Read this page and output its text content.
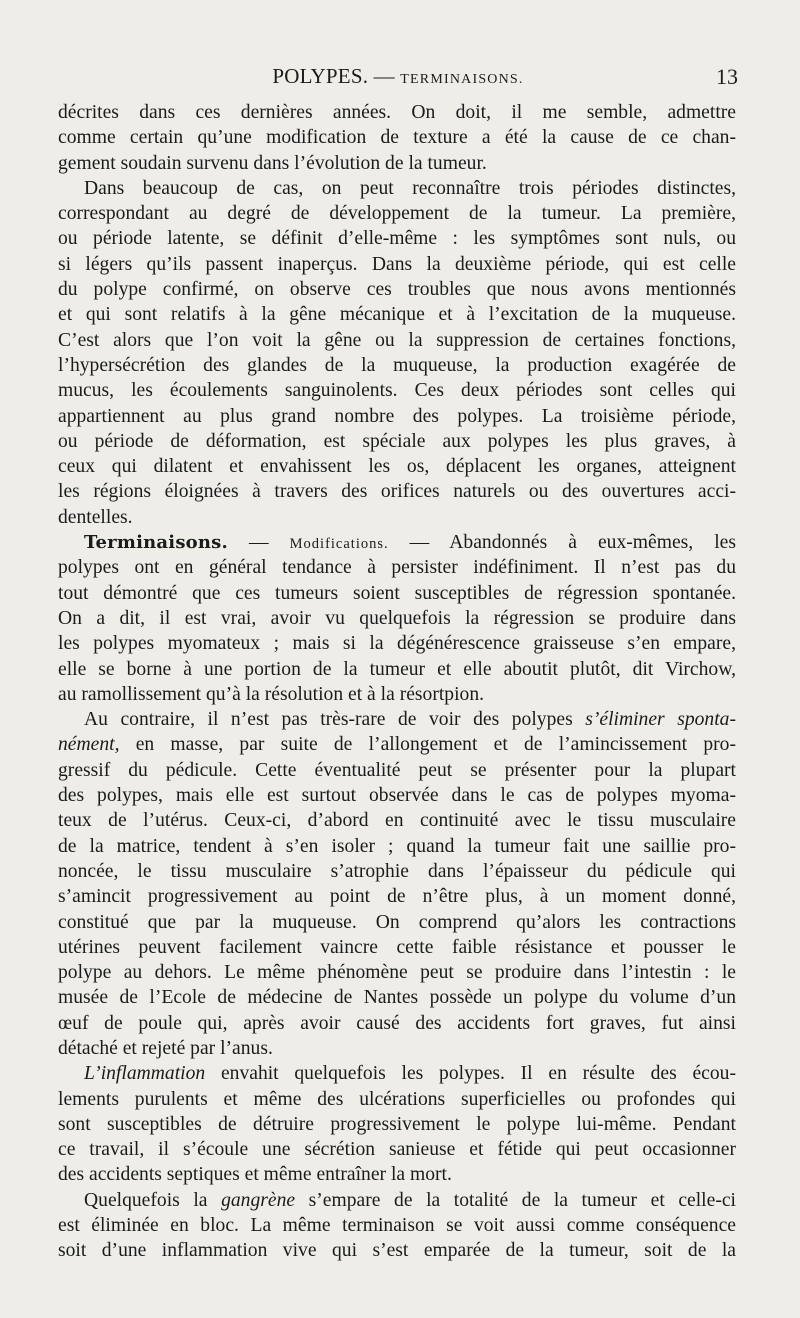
POLYPES. — TERMINAISONS.	13
décrites dans ces dernières années. On doit, il me semble, admettre
comme certain qu’une modification de texture a été la cause de ce chan-
gement soudain survenu dans l’évolution de la tumeur.
Dans beaucoup de cas, on peut reconnaître trois périodes distinctes,
correspondant au degré de développement de la tumeur. La première,
ou période latente, se définit d’elle-même : les symptômes sont nuls, ou
si légers qu’ils passent inaperçus. Dans la deuxième période, qui est celle
du polype confirmé, on observe ces troubles que nous avons mentionnés
et qui sont relatifs à la gêne mécanique et à l’excitation de la muqueuse.
C’est alors que l’on voit la gêne ou la suppression de certaines fonctions,
l’hypersécrétion des glandes de la muqueuse, la production exagérée de
mucus, les écoulements sanguinolents. Ces deux périodes sont celles qui
appartiennent au plus grand nombre des polypes. La troisième période,
ou période de déformation, est spéciale aux polypes les plus graves, à
ceux qui dilatent et envahissent les os, déplacent les organes, atteignent
les régions éloignées à travers des orifices naturels ou des ouvertures acci-
dentelles.
Terminaisons. — Modifications. — Abandonnés à eux-mêmes, les
polypes ont en général tendance à persister indéfiniment. Il n’est pas du
tout démontré que ces tumeurs soient susceptibles de régression spontanée.
On a dit, il est vrai, avoir vu quelquefois la régression se produire dans
les polypes myomateux ; mais si la dégénérescence graisseuse s’en empare,
elle se borne à une portion de la tumeur et elle aboutit plutôt, dit Virchow,
au ramollissement qu’à la résolution et à la résortpion.
Au contraire, il n’est pas très-rare de voir des polypes s’éliminer sponta-
nément, en masse, par suite de l’allongement et de l’amincissement pro-
gressif du pédicule. Cette éventualité peut se présenter pour la plupart
des polypes, mais elle est surtout observée dans le cas de polypes myoma-
teux de l’utérus. Ceux-ci, d’abord en continuité avec le tissu musculaire
de la matrice, tendent à s’en isoler ; quand la tumeur fait une saillie pro-
noncée, le tissu musculaire s’atrophie dans l’épaisseur du pédicule qui
s’amincit progressivement au point de n’être plus, à un moment donné,
constitué que par la muqueuse. On comprend qu’alors les contractions
utérines peuvent facilement vaincre cette faible résistance et pousser le
polype au dehors. Le même phénomène peut se produire dans l’intestin : le
musée de l’Ecole de médecine de Nantes possède un polype du volume d’un
œuf de poule qui, après avoir causé des accidents fort graves, fut ainsi
détaché et rejeté par l’anus.
L’inflammation envahit quelquefois les polypes. Il en résulte des écou-
lements purulents et même des ulcérations superficielles ou profondes qui
sont susceptibles de détruire progressivement le polype lui-même. Pendant
ce travail, il s’écoule une sécrétion sanieuse et fétide qui peut occasionner
des accidents septiques et même entraîner la mort.
Quelquefois la gangrène s’empare de la totalité de la tumeur et celle-ci
est éliminée en bloc. La même terminaison se voit aussi comme conséquence
soit d’une inflammation vive qui s’est emparée de la tumeur, soit de la
